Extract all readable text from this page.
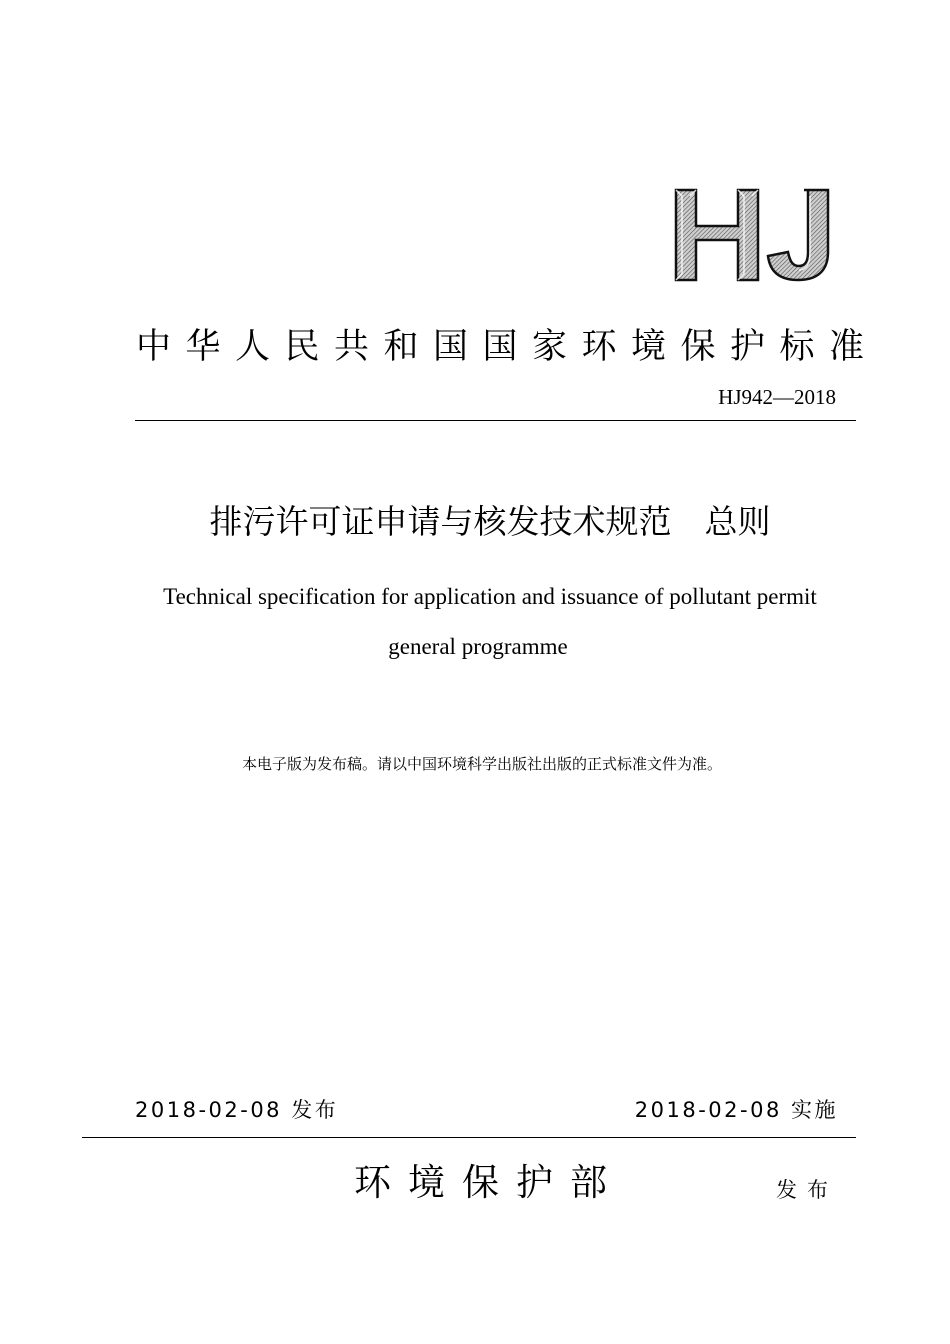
中华人民共和国国家环境保护标准
HJ942—2018
排污许可证申请与核发技术规范　总则
Technical specification for application and issuance of pollutant permit
general programme
本电子版为发布稿。请以中国环境科学出版社出版的正式标准文件为准。
2018-02-08 发布	2018-02-08 实施
环境保护部	发布
